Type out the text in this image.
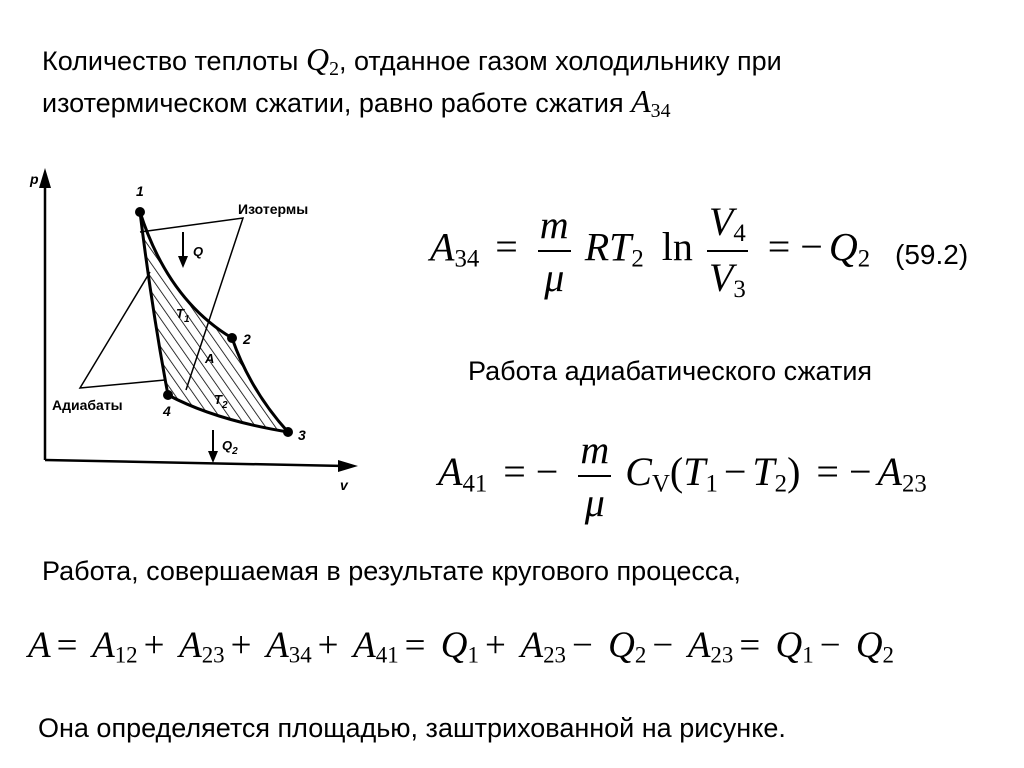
Количество теплоты $Q_2$, отданное газом холодильнику при
изотермическом сжатии, равно работе сжатия $A_{34}$
p
v
1
2
3
4
Изотермы
Адиабаты
Q
$Q_2$
$T_1$
A
$T_2$
$A_{34} = \frac{m}{\mu} RT_2$ $\ln \frac{V_4}{V_3}$ = − $Q_2$ (59.2)
Работа адиабатического сжатия
$A_{41}$ = − $\frac{m}{\mu} C_V(T_1 - T_2)$ = − $A_{23}$
Работа, совершаемая в результате кругового процесса,
$A = A_{12} + A_{23} + A_{34} + A_{41} = Q_1 + A_{23} - Q_2 - A_{23} = Q_1 - Q_2$
Она определяется площадью, заштрихованной на рисунке.
